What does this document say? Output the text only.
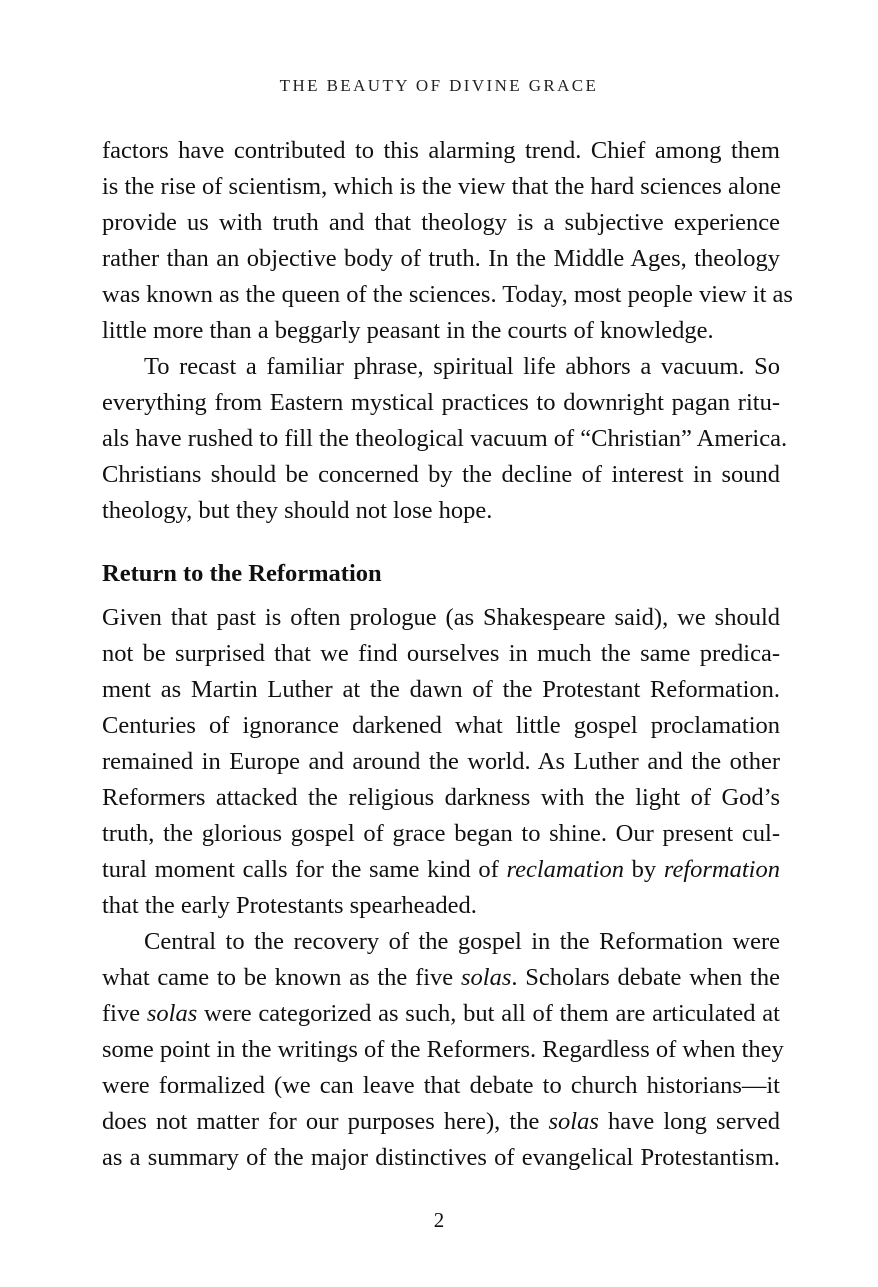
THE BEAUTY OF DIVINE GRACE
factors have contributed to this alarming trend. Chief among them
is the rise of scientism, which is the view that the hard sciences alone
provide us with truth and that theology is a subjective experience
rather than an objective body of truth. In the Middle Ages, theology
was known as the queen of the sciences. Today, most people view it as
little more than a beggarly peasant in the courts of knowledge.
To recast a familiar phrase, spiritual life abhors a vacuum. So
everything from Eastern mystical practices to downright pagan ritu-
als have rushed to fill the theological vacuum of “Christian” America.
Christians should be concerned by the decline of interest in sound
theology, but they should not lose hope.
Return to the Reformation
Given that past is often prologue (as Shakespeare said), we should
not be surprised that we find ourselves in much the same predica-
ment as Martin Luther at the dawn of the Protestant Reformation.
Centuries of ignorance darkened what little gospel proclamation
remained in Europe and around the world. As Luther and the other
Reformers attacked the religious darkness with the light of God’s
truth, the glorious gospel of grace began to shine. Our present cul-
tural moment calls for the same kind of reclamation by reformation
that the early Protestants spearheaded.
Central to the recovery of the gospel in the Reformation were
what came to be known as the five solas. Scholars debate when the
five solas were categorized as such, but all of them are articulated at
some point in the writings of the Reformers. Regardless of when they
were formalized (we can leave that debate to church historians—it
does not matter for our purposes here), the solas have long served
as a summary of the major distinctives of evangelical Protestantism.
2
